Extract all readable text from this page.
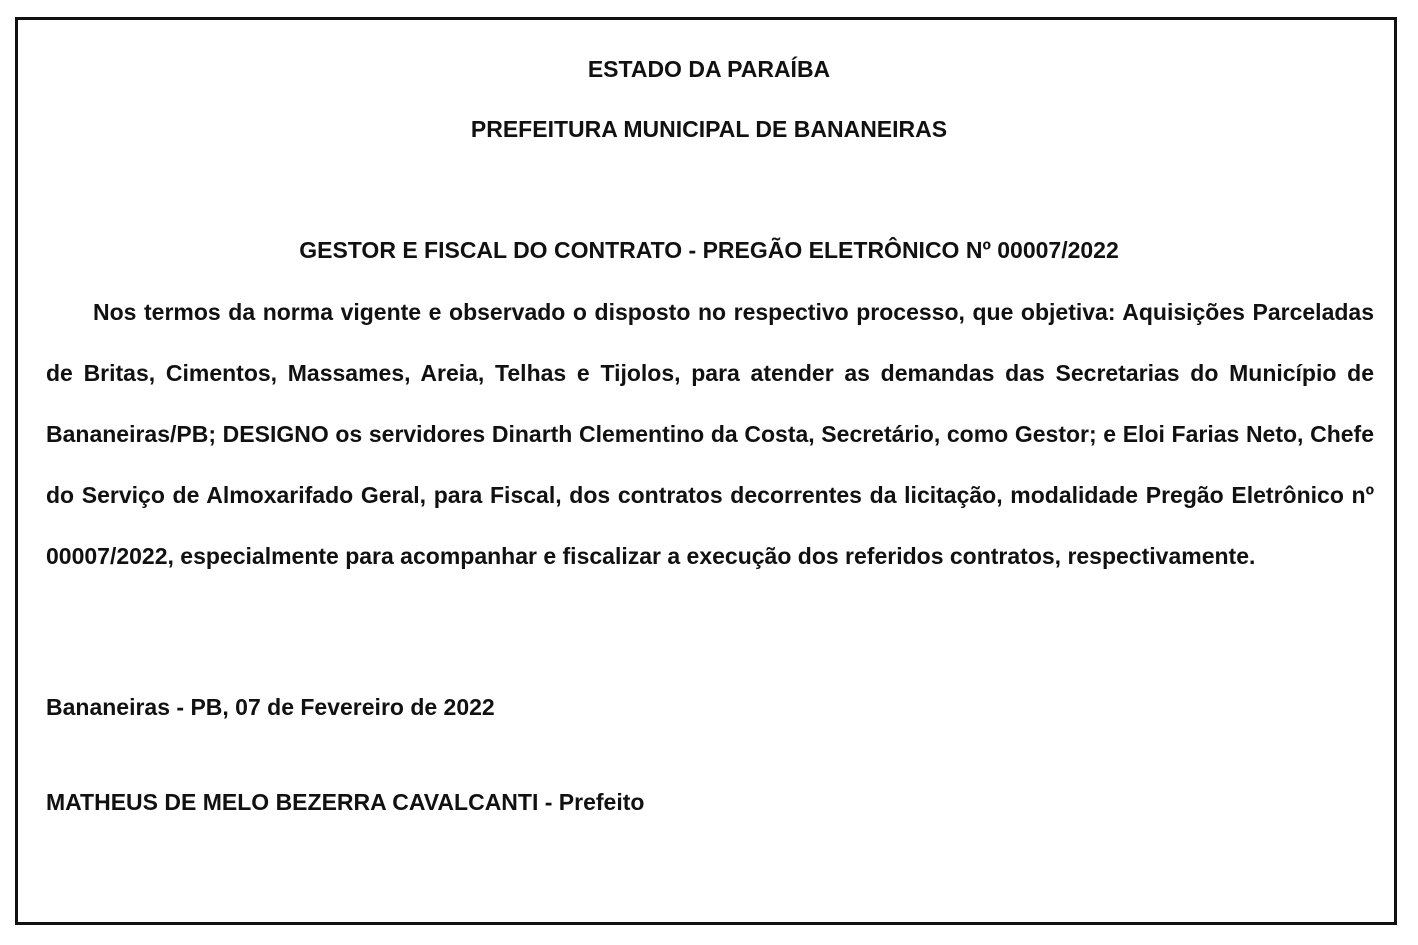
ESTADO DA PARAÍBA
PREFEITURA MUNICIPAL DE BANANEIRAS
GESTOR E FISCAL DO CONTRATO - PREGÃO ELETRÔNICO Nº 00007/2022
Nos termos da norma vigente e observado o disposto no respectivo processo, que objetiva: Aquisições Parceladas de Britas, Cimentos, Massames, Areia, Telhas e Tijolos, para atender as demandas das Secretarias do Município de Bananeiras/PB; DESIGNO os servidores Dinarth Clementino da Costa, Secretário, como Gestor; e Eloi Farias Neto, Chefe do Serviço de Almoxarifado Geral, para Fiscal, dos contratos decorrentes da licitação, modalidade Pregão Eletrônico nº 00007/2022, especialmente para acompanhar e fiscalizar a execução dos referidos contratos, respectivamente.
Bananeiras - PB, 07 de Fevereiro de 2022
MATHEUS DE MELO BEZERRA CAVALCANTI - Prefeito
